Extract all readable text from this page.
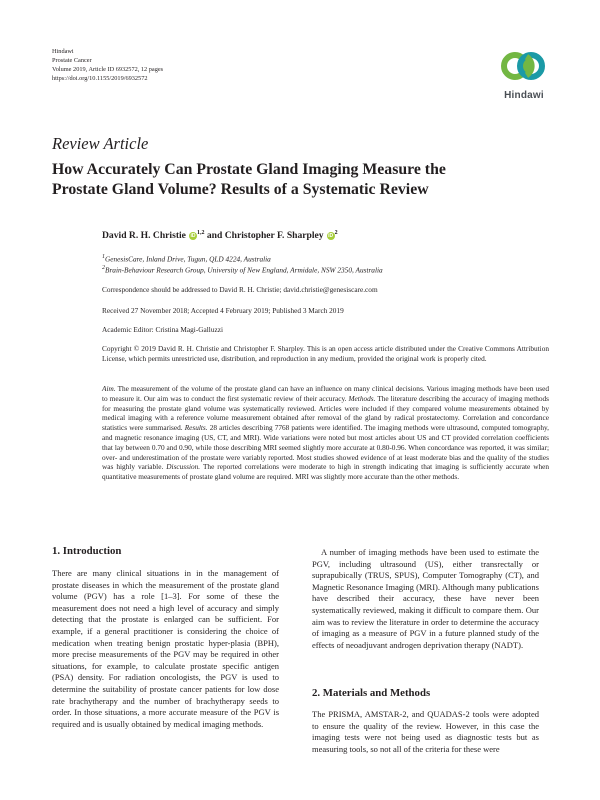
Hindawi
Prostate Cancer
Volume 2019, Article ID 6932572, 12 pages
https://doi.org/10.1155/2019/6932572
Hindawi
Review Article
How Accurately Can Prostate Gland Imaging Measure the
Prostate Gland Volume? Results of a Systematic Review
David R. H. Christie iD$^{1,2}$ and Christopher F. Sharpley $iD^2$
$^1$GenesisCare, Inland Drive, Tugun, QLD 4224, Australia
$^2$Brain-Behaviour Research Group, University of New England, Armidale, NSW 2350, Australia
Correspondence should be addressed to David R. H. Christie; david.christie@genesiscare.com
Received 27 November 2018; Accepted 4 February 2019; Published 3 March 2019
Academic Editor: Cristina Magi-Galluzzi
Copyright © 2019 David R. H. Christie and Christopher F. Sharpley. This is an open access article distributed under the Creative Commons Attribution License, which permits unrestricted use, distribution, and reproduction in any medium, provided the original work is properly cited.
Aim. The measurement of the volume of the prostate gland can have an influence on many clinical decisions. Various imaging methods have been used to measure it. Our aim was to conduct the first systematic review of their accuracy. Methods. The literature describing the accuracy of imaging methods for measuring the prostate gland volume was systematically reviewed. Articles were included if they compared volume measurements obtained by medical imaging with a reference volume measurement obtained after removal of the gland by radical prostatectomy. Correlation and concordance statistics were summarised. Results. 28 articles describing 7768 patients were identified. The imaging methods were ultrasound, computed tomography, and magnetic resonance imaging (US, CT, and MRI). Wide variations were noted but most articles about US and CT provided correlation coefficients that lay between 0.70 and 0.90, while those describing MRI seemed slightly more accurate at 0.80-0.96. When concordance was reported, it was similar; over- and underestimation of the prostate were variably reported. Most studies showed evidence of at least moderate bias and the quality of the studies was highly variable. Discussion. The reported correlations were moderate to high in strength indicating that imaging is sufficiently accurate when quantitative measurements of prostate gland volume are required. MRI was slightly more accurate than the other methods.
1. Introduction

There are many clinical situations in in the management of prostate diseases in which the measurement of the prostate gland volume (PGV) has a role [1–3]. For some of these the measurement does not need a high level of accuracy and simply detecting that the prostate is enlarged can be sufficient. For example, if a general practitioner is considering the choice of medication when treating benign prostatic hyper-plasia (BPH), more precise measurements of the PGV may be required in other situations, for example, to calculate prostate specific antigen (PSA) density. For radiation oncologists, the PGV is used to determine the suitability of prostate cancer patients for low dose rate brachytherapy and the number of brachytherapy seeds to order. In those situations, a more accurate measure of the PGV is required and is usually obtained by medical imaging methods.

A number of imaging methods have been used to estimate the PGV, including ultrasound (US), either transrectally or suprapubically (TRUS, SPUS), Computer Tomography (CT), and Magnetic Resonance Imaging (MRI). Although many publications have described their accuracy, these have never been systematically reviewed, making it difficult to compare them. Our aim was to review the literature in order to determine the accuracy of imaging as a measure of PGV in a future planned study of the effects of neoadjuvant androgen deprivation therapy (NADT).

2. Materials and Methods

The PRISMA, AMSTAR-2, and QUADAS-2 tools were adopted to ensure the quality of the review. However, in this case the imaging tests were not being used as diagnostic tests but as measuring tools, so not all of the criteria for these were
